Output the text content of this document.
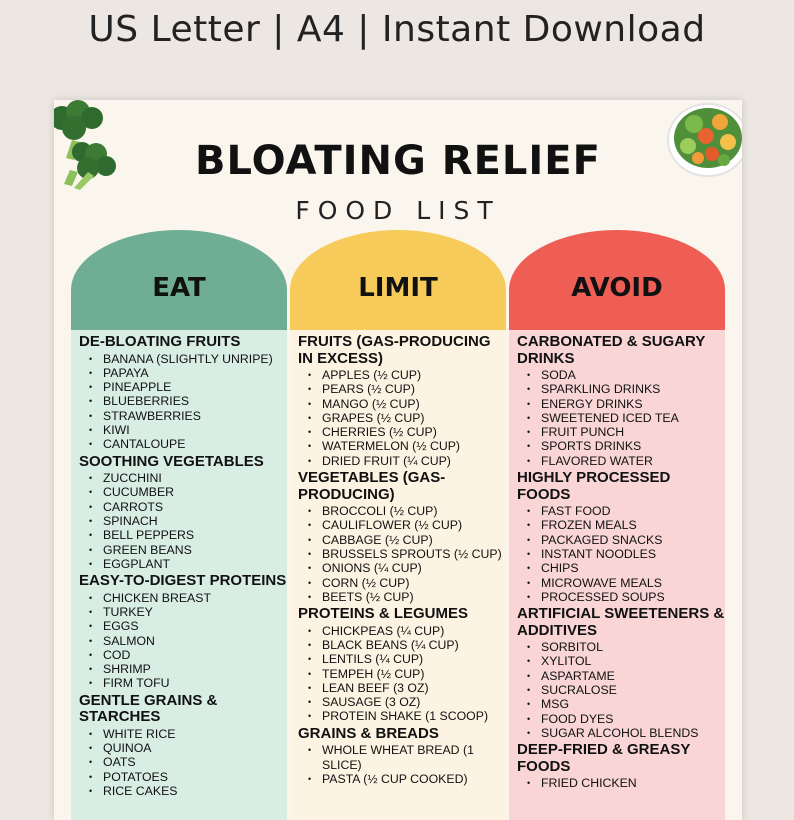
US Letter | A4 | Instant Download
BLOATING RELIEF
FOOD LIST
EAT
DE-BLOATING FRUITS
• BANANA (SLIGHTLY UNRIPE)
• PAPAYA
• PINEAPPLE
• BLUEBERRIES
• STRAWBERRIES
• KIWI
• CANTALOUPE
SOOTHING VEGETABLES
• ZUCCHINI
• CUCUMBER
• CARROTS
• SPINACH
• BELL PEPPERS
• GREEN BEANS
• EGGPLANT
EASY-TO-DIGEST PROTEINS
• CHICKEN BREAST
• TURKEY
• EGGS
• SALMON
• COD
• SHRIMP
• FIRM TOFU
GENTLE GRAINS & STARCHES
• WHITE RICE
• QUINOA
• OATS
• POTATOES
• RICE CAKES
LIMIT
FRUITS (GAS-PRODUCING IN EXCESS)
• APPLES (½ CUP)
• PEARS (½ CUP)
• MANGO (½ CUP)
• GRAPES (½ CUP)
• CHERRIES (½ CUP)
• WATERMELON (½ CUP)
• DRIED FRUIT (¼ CUP)
VEGETABLES (GAS-PRODUCING)
• BROCCOLI (½ CUP)
• CAULIFLOWER (½ CUP)
• CABBAGE (½ CUP)
• BRUSSELS SPROUTS (½ CUP)
• ONIONS (¼ CUP)
• CORN (½ CUP)
• BEETS (½ CUP)
PROTEINS & LEGUMES
• CHICKPEAS (¼ CUP)
• BLACK BEANS (¼ CUP)
• LENTILS (¼ CUP)
• TEMPEH (½ CUP)
• LEAN BEEF (3 OZ)
• SAUSAGE (3 OZ)
• PROTEIN SHAKE (1 SCOOP)
GRAINS & BREADS
• WHOLE WHEAT BREAD (1 SLICE)
• PASTA (½ CUP COOKED)
AVOID
CARBONATED & SUGARY DRINKS
• SODA
• SPARKLING DRINKS
• ENERGY DRINKS
• SWEETENED ICED TEA
• FRUIT PUNCH
• SPORTS DRINKS
• FLAVORED WATER
HIGHLY PROCESSED FOODS
• FAST FOOD
• FROZEN MEALS
• PACKAGED SNACKS
• INSTANT NOODLES
• CHIPS
• MICROWAVE MEALS
• PROCESSED SOUPS
ARTIFICIAL SWEETENERS & ADDITIVES
• SORBITOL
• XYLITOL
• ASPARTAME
• SUCRALOSE
• MSG
• FOOD DYES
• SUGAR ALCOHOL BLENDS
DEEP-FRIED & GREASY FOODS
• FRIED CHICKEN
